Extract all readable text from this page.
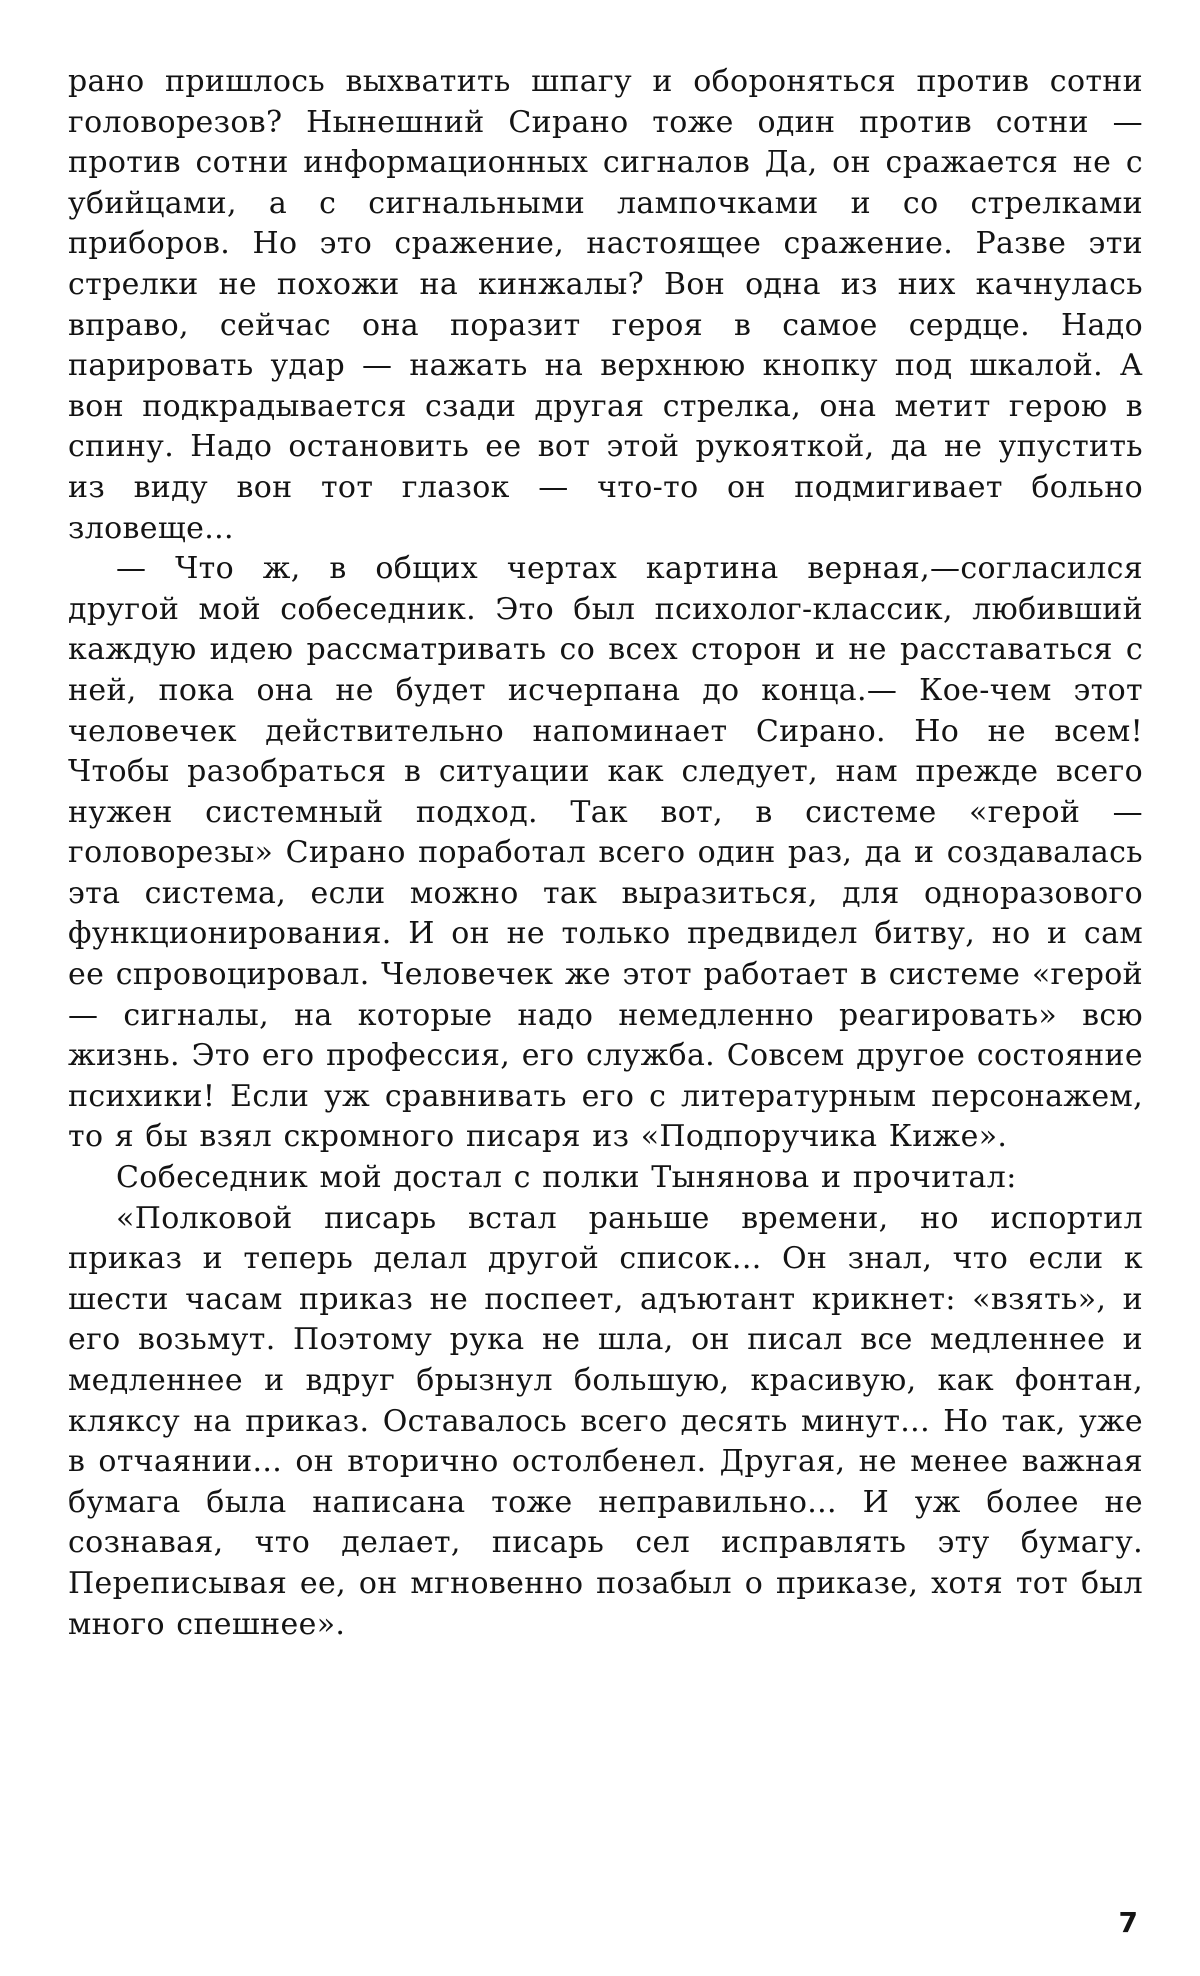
рано пришлось выхватить шпагу и обороняться против сотни головорезов? Нынешний Сирано тоже один против сотни — против сотни информационных сигналов Да, он сражается не с убийцами, а с сигнальными лампочками и со стрелками приборов. Но это сражение, настоящее сражение. Разве эти стрелки не похожи на кинжалы? Вон одна из них качнулась вправо, сейчас она поразит героя в самое сердце. Надо парировать удар — нажать на верхнюю кнопку под шкалой. А вон подкрадывается сзади другая стрелка, она метит герою в спину. Надо остановить ее вот этой рукояткой, да не упустить из виду вон тот глазок — что-то он подмигивает больно зловеще...

— Что ж, в общих чертах картина верная,—согласился другой мой собеседник. Это был психолог-классик, любивший каждую идею рассматривать со всех сторон и не расставаться с ней, пока она не будет исчерпана до конца.— Кое-чем этот человечек действительно напоминает Сирано. Но не всем! Чтобы разобраться в ситуации как следует, нам прежде всего нужен системный подход. Так вот, в системе «герой — головорезы» Сирано поработал всего один раз, да и создавалась эта система, если можно так выразиться, для одноразового функционирования. И он не только предвидел битву, но и сам ее спровоцировал. Человечек же этот работает в системе «герой — сигналы, на которые надо немедленно реагировать» всю жизнь. Это его профессия, его служба. Совсем другое состояние психики! Если уж сравнивать его с литературным персонажем, то я бы взял скромного писаря из «Подпоручика Киже».

Собеседник мой достал с полки Тынянова и прочитал:

«Полковой писарь встал раньше времени, но испортил приказ и теперь делал другой список... Он знал, что если к шести часам приказ не поспеет, адъютант крикнет: «взять», и его возьмут. Поэтому рука не шла, он писал все медленнее и медленнее и вдруг брызнул большую, красивую, как фонтан, кляксу на приказ. Оставалось всего десять минут... Но так, уже в отчаянии... он вторично остолбенел. Другая, не менее важная бумага была написана тоже неправильно... И уж более не сознавая, что делает, писарь сел исправлять эту бумагу. Переписывая ее, он мгновенно позабыл о приказе, хотя тот был много спешнее».

7
